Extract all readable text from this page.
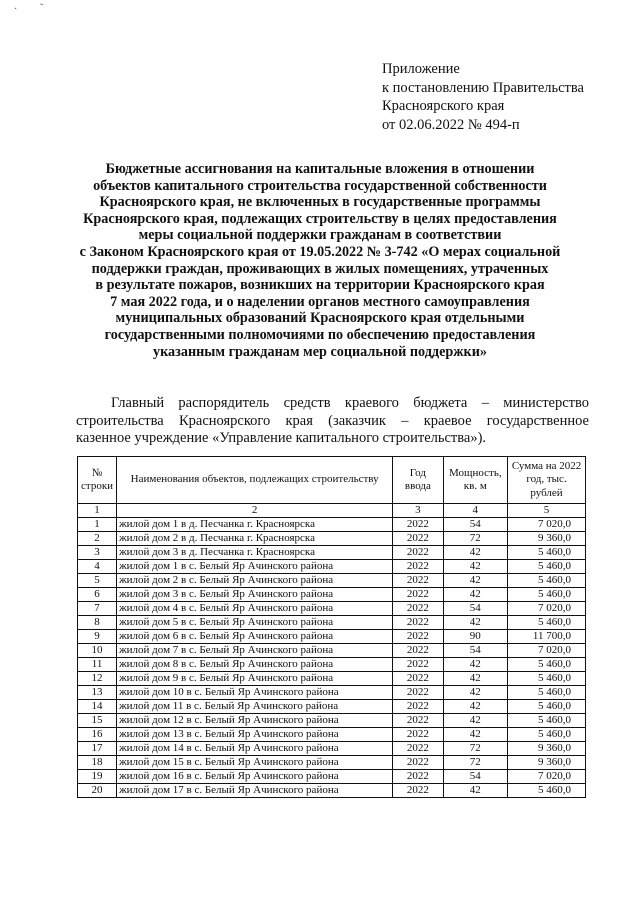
· ˇ
Приложение
к постановлению Правительства
Красноярского края
от 02.06.2022 № 494-п
Бюджетные ассигнования на капитальные вложения в отношении
объектов капитального строительства государственной собственности
Красноярского края, не включенных в государственные программы
Красноярского края, подлежащих строительству в целях предоставления
меры социальной поддержки гражданам в соответствии
с Законом Красноярского края от 19.05.2022 № 3-742 «О мерах социальной
поддержки граждан, проживающих в жилых помещениях, утраченных
в результате пожаров, возникших на территории Красноярского края
7 мая 2022 года, и о наделении органов местного самоуправления
муниципальных образований Красноярского края отдельными
государственными полномочиями по обеспечению предоставления
указанным гражданам мер социальной поддержки»
Главный распорядитель средств краевого бюджета – министерство
строительства Красноярского края (заказчик – краевое государственное
казенное учреждение «Управление капитального строительства»).
№ строки	Наименования объектов, подлежащих строительству	Год ввода	Мощность, кв. м	Сумма на 2022 год, тыс. рублей
1	2	3	4	5
1	жилой дом 1 в д. Песчанка г. Красноярска	2022	54	7 020,0
2	жилой дом 2 в д. Песчанка г. Красноярска	2022	72	9 360,0
3	жилой дом 3 в д. Песчанка г. Красноярска	2022	42	5 460,0
4	жилой дом 1 в с. Белый Яр Ачинского района	2022	42	5 460,0
5	жилой дом 2 в с. Белый Яр Ачинского района	2022	42	5 460,0
6	жилой дом 3 в с. Белый Яр Ачинского района	2022	42	5 460,0
7	жилой дом 4 в с. Белый Яр Ачинского района	2022	54	7 020,0
8	жилой дом 5 в с. Белый Яр Ачинского района	2022	42	5 460,0
9	жилой дом 6 в с. Белый Яр Ачинского района	2022	90	11 700,0
10	жилой дом 7 в с. Белый Яр Ачинского района	2022	54	7 020,0
11	жилой дом 8 в с. Белый Яр Ачинского района	2022	42	5 460,0
12	жилой дом 9 в с. Белый Яр Ачинского района	2022	42	5 460,0
13	жилой дом 10 в с. Белый Яр Ачинского района	2022	42	5 460,0
14	жилой дом 11 в с. Белый Яр Ачинского района	2022	42	5 460,0
15	жилой дом 12 в с. Белый Яр Ачинского района	2022	42	5 460,0
16	жилой дом 13 в с. Белый Яр Ачинского района	2022	42	5 460,0
17	жилой дом 14 в с. Белый Яр Ачинского района	2022	72	9 360,0
18	жилой дом 15 в с. Белый Яр Ачинского района	2022	72	9 360,0
19	жилой дом 16 в с. Белый Яр Ачинского района	2022	54	7 020,0
20	жилой дом 17 в с. Белый Яр Ачинского района	2022	42	5 460,0
